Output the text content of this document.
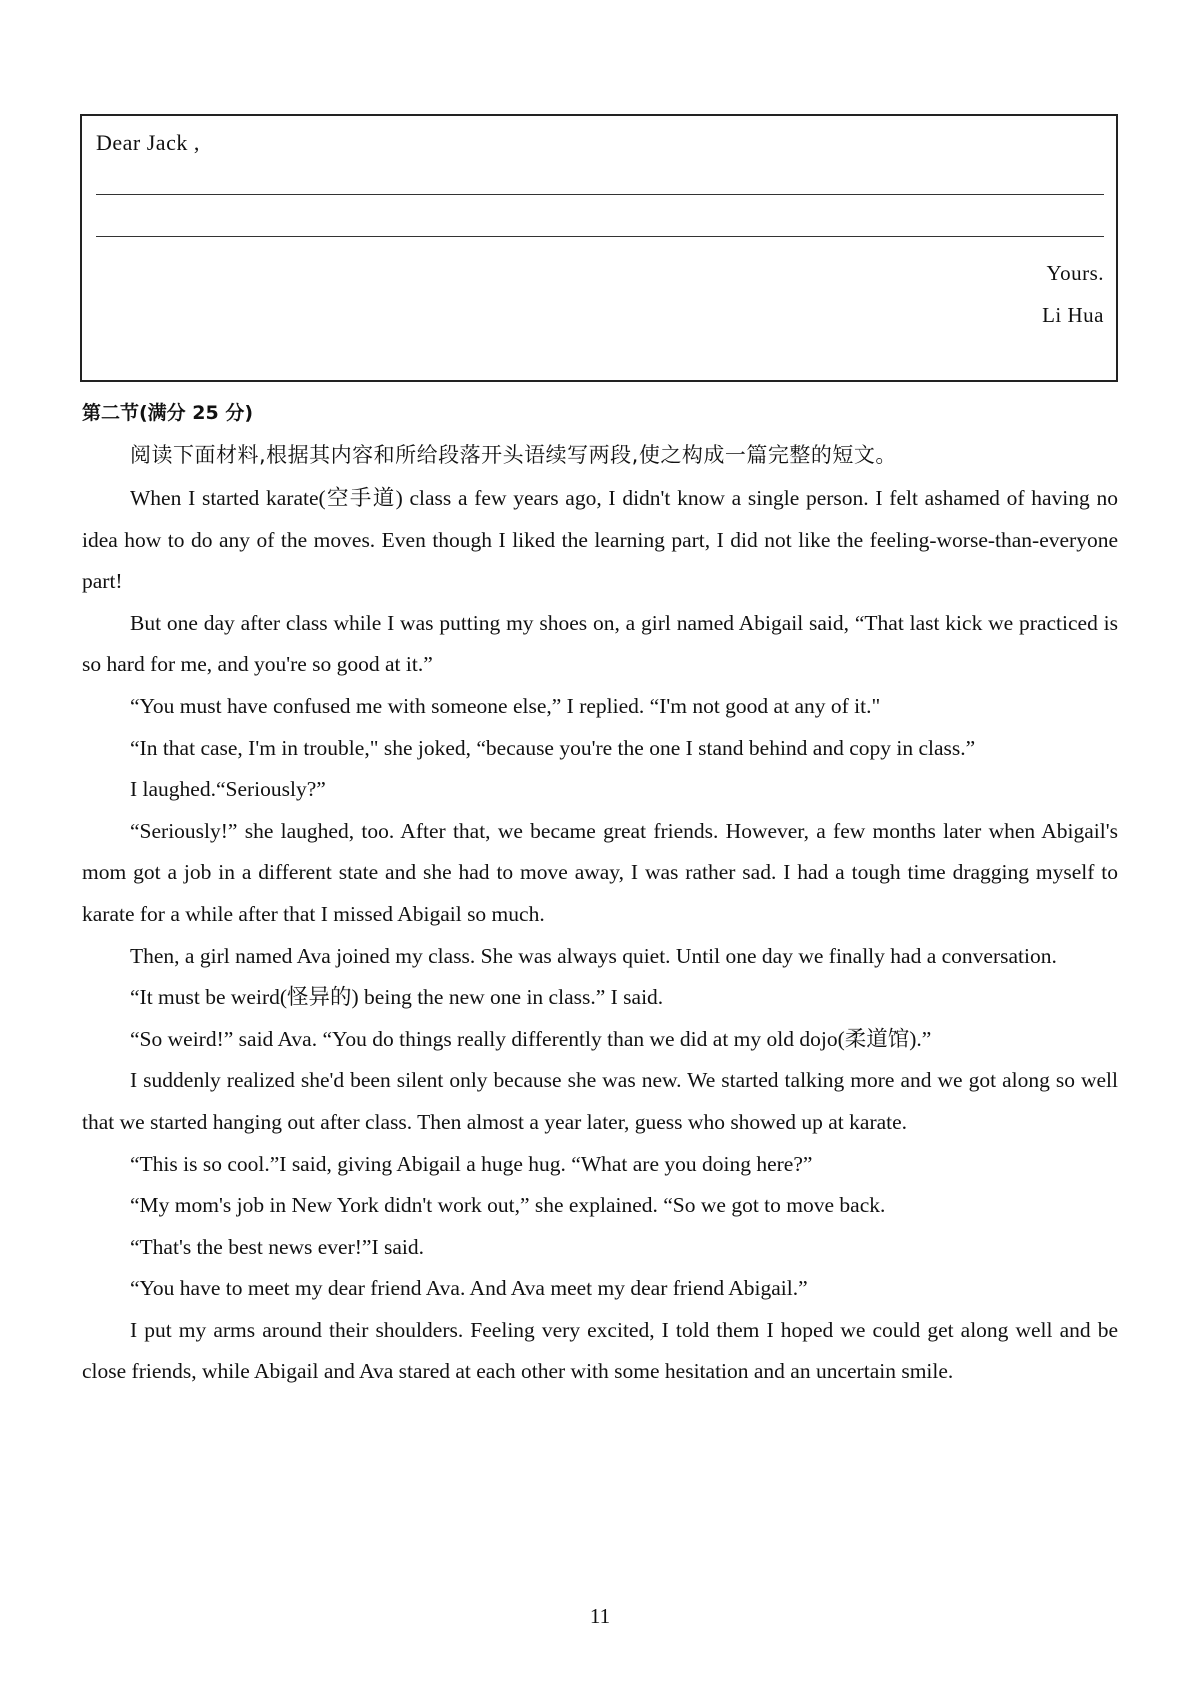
Dear Jack ,
Yours.
Li Hua
第二节(满分 25 分)
阅读下面材料,根据其内容和所给段落开头语续写两段,使之构成一篇完整的短文。

When I started karate(空手道) class a few years ago, I didn't know a single person. I felt ashamed of having no idea how to do any of the moves. Even though I liked the learning part, I did not like the feeling-worse-than-everyone part!

But one day after class while I was putting my shoes on, a girl named Abigail said, “That last kick we practiced is so hard for me, and you're so good at it.”

“You must have confused me with someone else,” I replied. “I'm not good at any of it."

“In that case, I'm in trouble," she joked, “because you're the one I stand behind and copy in class.”

I laughed.“Seriously?”

“Seriously!” she laughed, too. After that, we became great friends. However, a few months later when Abigail's mom got a job in a different state and she had to move away, I was rather sad. I had a tough time dragging myself to karate for a while after that I missed Abigail so much.

Then, a girl named Ava joined my class. She was always quiet. Until one day we finally had a conversation.

“It must be weird(怪异的) being the new one in class.” I said.

“So weird!” said Ava. “You do things really differently than we did at my old dojo(柔道馆).”

I suddenly realized she'd been silent only because she was new. We started talking more and we got along so well that we started hanging out after class. Then almost a year later, guess who showed up at karate.

“This is so cool.”I said, giving Abigail a huge hug. “What are you doing here?”

“My mom's job in New York didn't work out,” she explained. “So we got to move back.

“That's the best news ever!”I said.

“You have to meet my dear friend Ava. And Ava meet my dear friend Abigail.”

I put my arms around their shoulders. Feeling very excited, I told them I hoped we could get along well and be close friends, while Abigail and Ava stared at each other with some hesitation and an uncertain smile.

11
